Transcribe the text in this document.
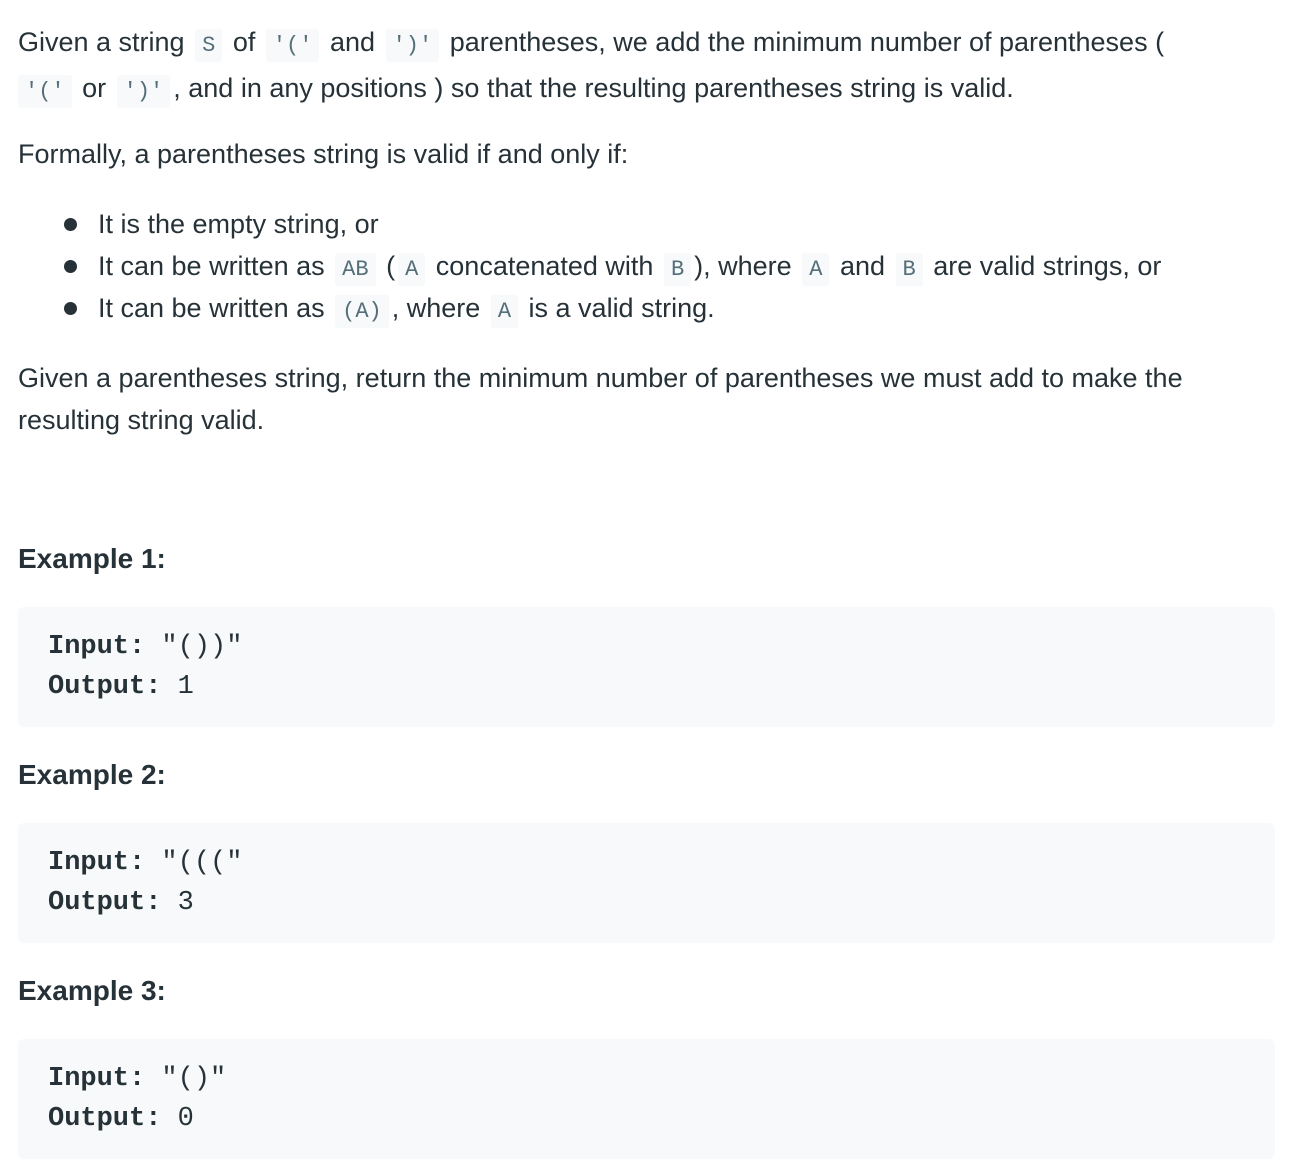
Given a string S of '(' and ')' parentheses, we add the minimum number of parentheses (
'(' or ')' , and in any positions ) so that the resulting parentheses string is valid.

Formally, a parentheses string is valid if and only if:

It is the empty string, or
It can be written as AB ( A concatenated with B ), where A and B are valid strings, or
It can be written as (A) , where A is a valid string.

Given a parentheses string, return the minimum number of parentheses we must add to make the resulting string valid.

Example 1:
Input: "())"
Output: 1
Example 2:
Input: "((("
Output: 3
Example 3:
Input: "()"
Output: 0
